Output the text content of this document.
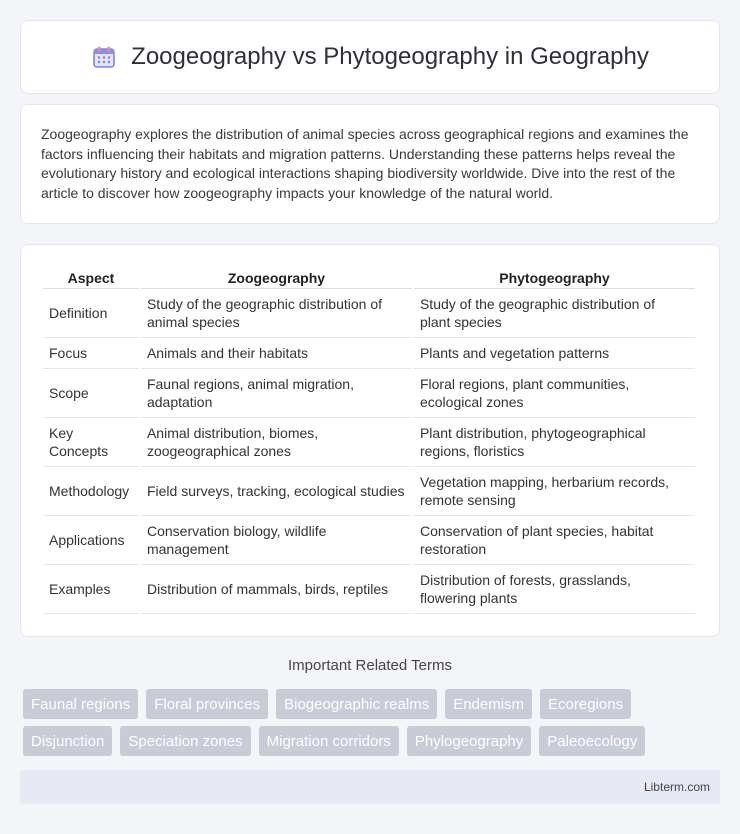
Zoogeography vs Phytogeography in Geography

Zoogeography explores the distribution of animal species across geographical regions and examines the factors influencing their habitats and migration patterns. Understanding these patterns helps reveal the evolutionary history and ecological interactions shaping biodiversity worldwide. Dive into the rest of the article to discover how zoogeography impacts your knowledge of the natural world.

Aspect	Zoogeography	Phytogeography
Definition	Study of the geographic distribution of animal species	Study of the geographic distribution of plant species
Focus	Animals and their habitats	Plants and vegetation patterns
Scope	Faunal regions, animal migration, adaptation	Floral regions, plant communities, ecological zones
Key Concepts	Animal distribution, biomes, zoogeographical zones	Plant distribution, phytogeographical regions, floristics
Methodology	Field surveys, tracking, ecological studies	Vegetation mapping, herbarium records, remote sensing
Applications	Conservation biology, wildlife management	Conservation of plant species, habitat restoration
Examples	Distribution of mammals, birds, reptiles	Distribution of forests, grasslands, flowering plants
Important Related Terms
Faunal regions	Floral provinces	Biogeographic realms	Endemism	Ecoregions
Disjunction	Speciation zones	Migration corridors	Phylogeography	Paleoecology
Libterm.com
